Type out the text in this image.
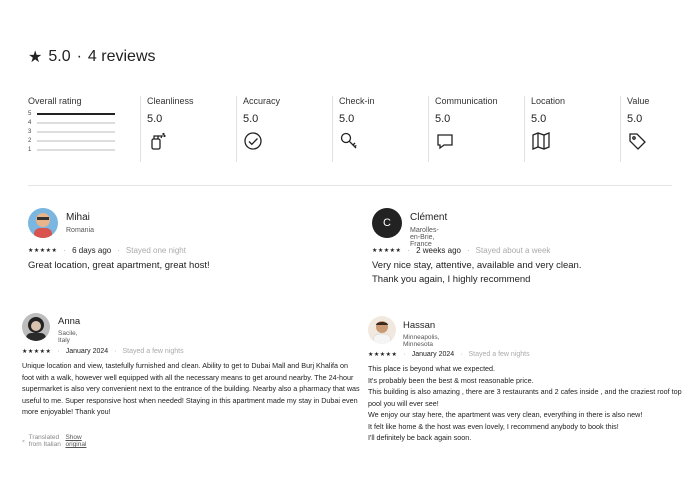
★ 5.0 · 4 reviews
Overall rating
5
4
3
2
1
Cleanliness
5.0
Accuracy
5.0
Check-in
5.0
Communication
5.0
Location
5.0
Value
5.0
Mihai
Romania
★★★★★ · 6 days ago · Stayed one night
Great location, great apartment, great host!
C Clément
Marolles-en-Brie, France
★★★★★ · 2 weeks ago · Stayed about a week
Very nice stay, attentive, available and very clean.
Thank you again, I highly recommend
Anna
Sacile, Italy
★★★★★ · January 2024 · Stayed a few nights
Unique location and view, tastefully furnished and clean. Ability to get to Dubai Mall and Burj Khalifa on foot with a walk, however well equipped with all the necessary means to get around nearby. The 24-hour supermarket is also very convenient next to the entrance of the building. Nearby also a pharmacy that was useful to me. Super responsive host when needed! Staying in this apartment made my stay in Dubai even more enjoyable! Thank you!
Translated from Italian
Show original
Hassan
Minneapolis, Minnesota
★★★★★ · January 2024 · Stayed a few nights
This place is beyond what we expected.
It's probably been the best & most reasonable price.
This building is also amazing , there are 3 restaurants and 2 cafes inside , and the craziest roof top pool you will ever see!
We enjoy our stay here, the apartment was very clean, everything in there is also new!
It felt like home & the host was even lovely, I recommend anybody to book this!
I'll definitely be back again soon.
